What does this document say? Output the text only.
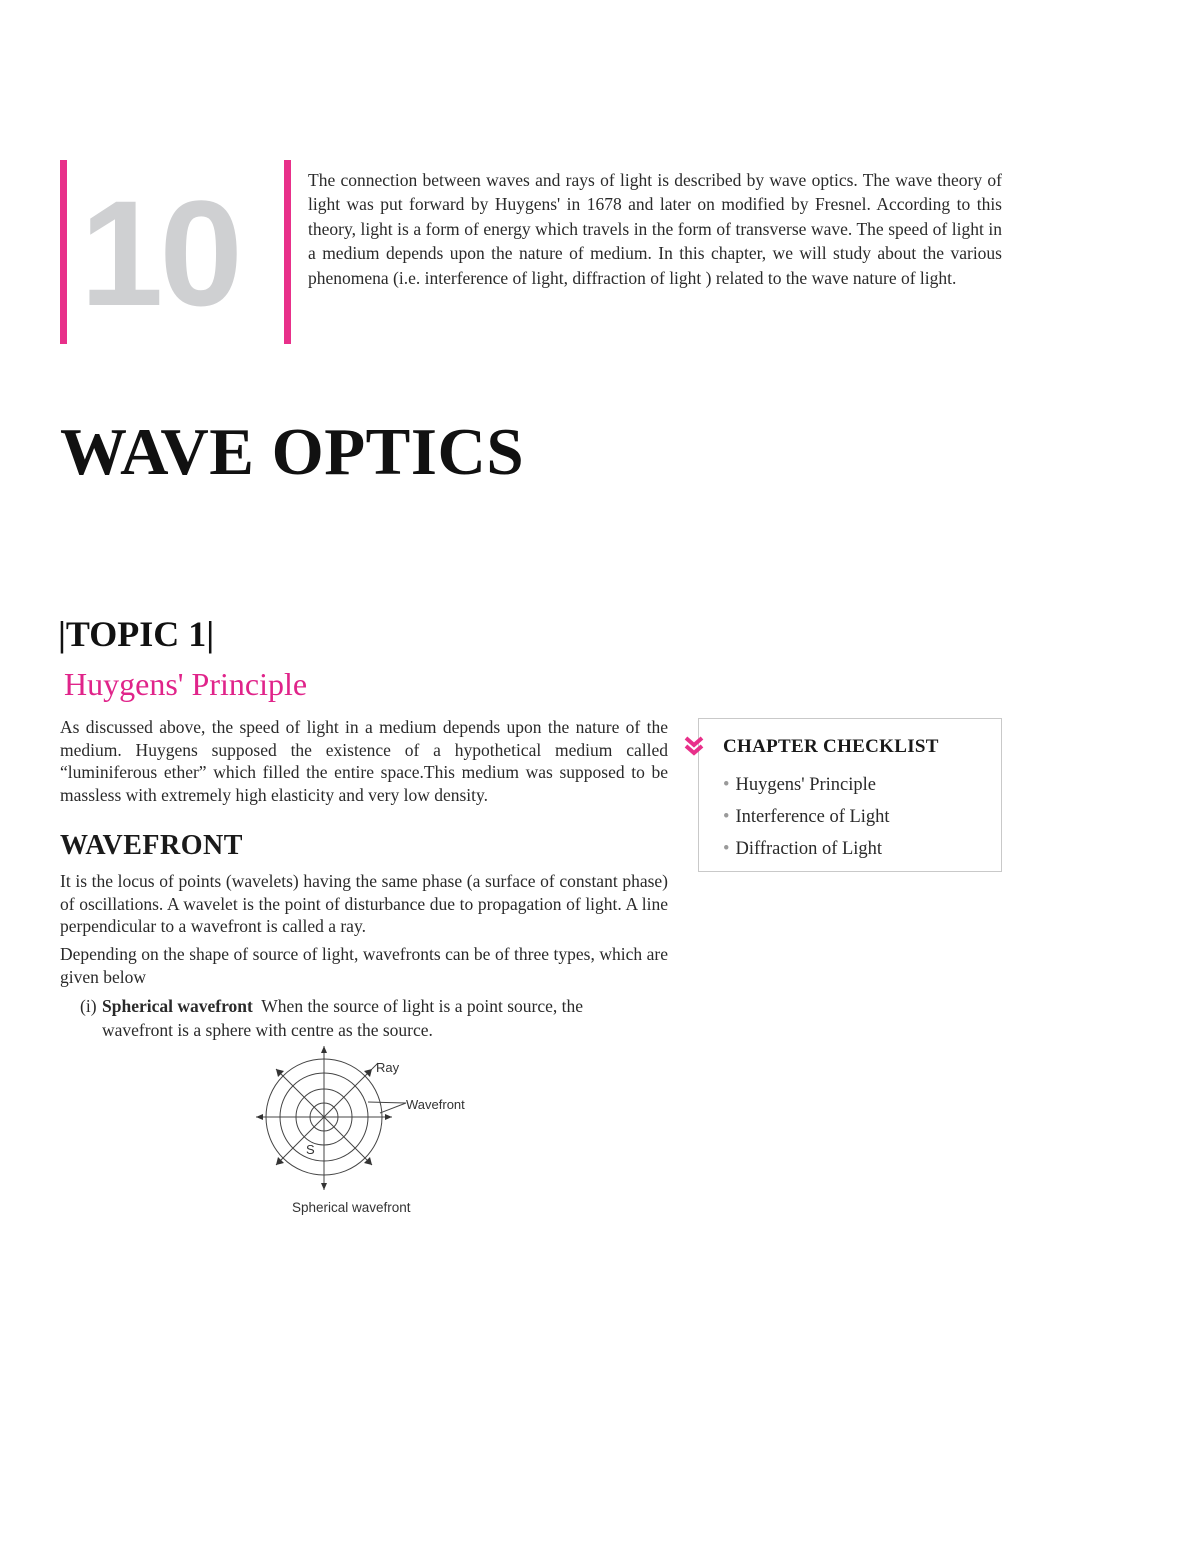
10	The connection between waves and rays of light is described by wave optics. The wave theory of light was put forward by Huygens' in 1678 and later on modified by Fresnel. According to this theory, light is a form of energy which travels in the form of transverse wave. The speed of light in a medium depends upon the nature of medium. In this chapter, we will study about the various phenomena (i.e. interference of light, diffraction of light ) related to the wave nature of light.
WAVE OPTICS
|TOPIC 1|
Huygens' Principle
As discussed above, the speed of light in a medium depends upon the nature of the medium. Huygens supposed the existence of a hypothetical medium called “luminiferous ether” which filled the entire space.This medium was supposed to be massless with extremely high elasticity and very low density.
WAVEFRONT
It is the locus of points (wavelets) having the same phase (a surface of constant phase) of oscillations. A wavelet is the point of disturbance due to propagation of light. A line perpendicular to a wavefront is called a ray.
Depending on the shape of source of light, wavefronts can be of three types, which are given below
(i) Spherical wavefront When the source of light is a point source, the wavefront is a sphere with centre as the source.
CHAPTER CHECKLIST
• Huygens' Principle
• Interference of Light
• Diffraction of Light
Ray
Wavefront
S
Spherical wavefront
